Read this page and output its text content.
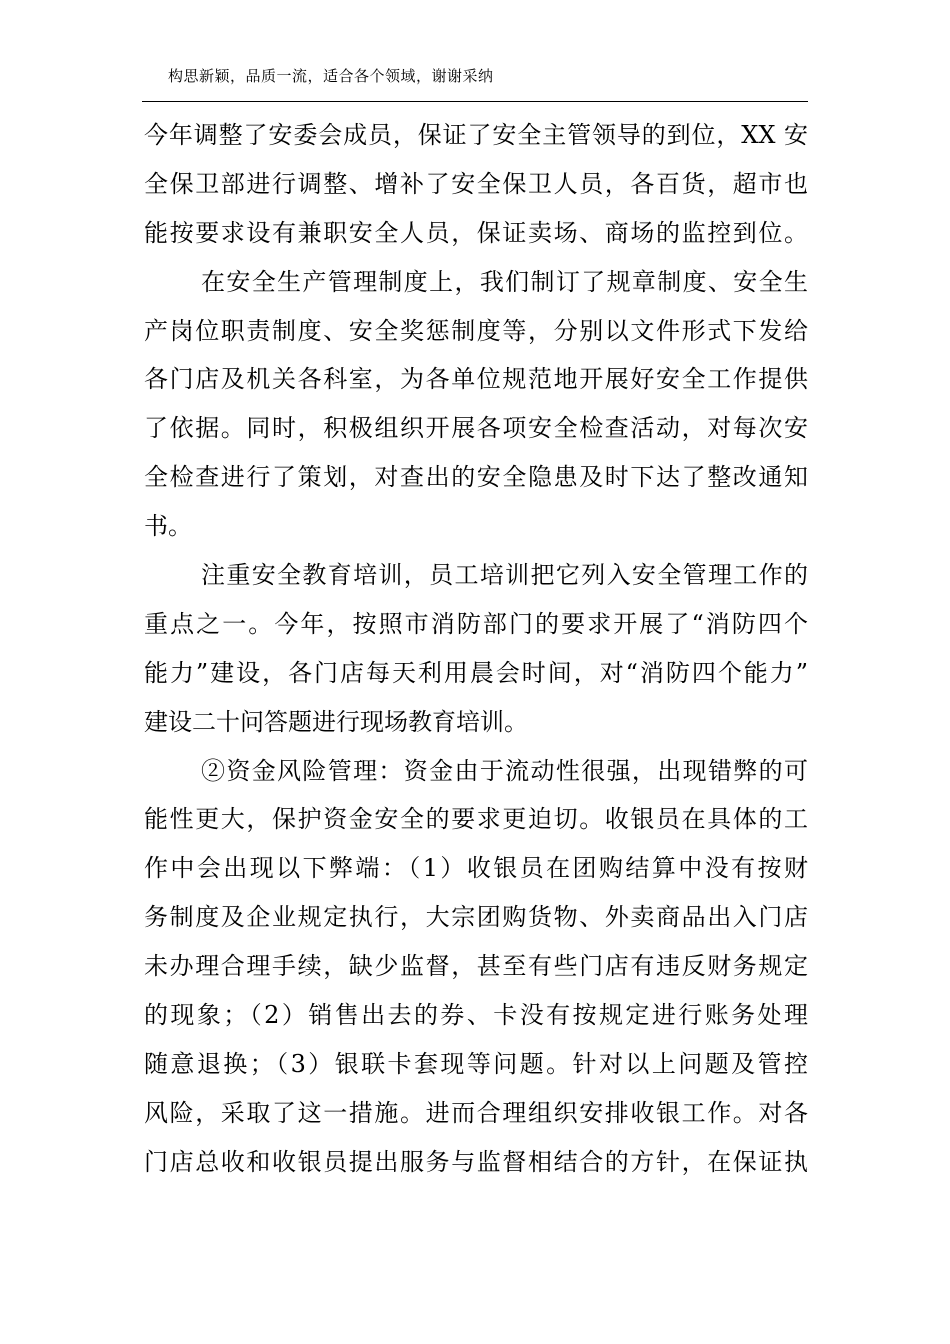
构思新颖，品质一流，适合各个领域，谢谢采纳
今年调整了安委会成员，保证了安全主管领导的到位，XX 安
全保卫部进行调整、增补了安全保卫人员，各百货，超市也
能按要求设有兼职安全人员，保证卖场、商场的监控到位。
在安全生产管理制度上，我们制订了规章制度、安全生
产岗位职责制度、安全奖惩制度等，分别以文件形式下发给
各门店及机关各科室，为各单位规范地开展好安全工作提供
了依据。同时，积极组织开展各项安全检查活动，对每次安
全检查进行了策划，对查出的安全隐患及时下达了整改通知
书。
注重安全教育培训，员工培训把它列入安全管理工作的
重点之一。今年，按照市消防部门的要求开展了“消防四个
能力”建设，各门店每天利用晨会时间，对“消防四个能力”
建设二十问答题进行现场教育培训。
②资金风险管理：资金由于流动性很强，出现错弊的可
能性更大，保护资金安全的要求更迫切。收银员在具体的工
作中会出现以下弊端：（1）收银员在团购结算中没有按财
务制度及企业规定执行，大宗团购货物、外卖商品出入门店
未办理合理手续，缺少监督，甚至有些门店有违反财务规定
的现象；（2）销售出去的券、卡没有按规定进行账务处理
随意退换；（3）银联卡套现等问题。针对以上问题及管控
风险，采取了这一措施。进而合理组织安排收银工作。对各
门店总收和收银员提出服务与监督相结合的方针，在保证执
